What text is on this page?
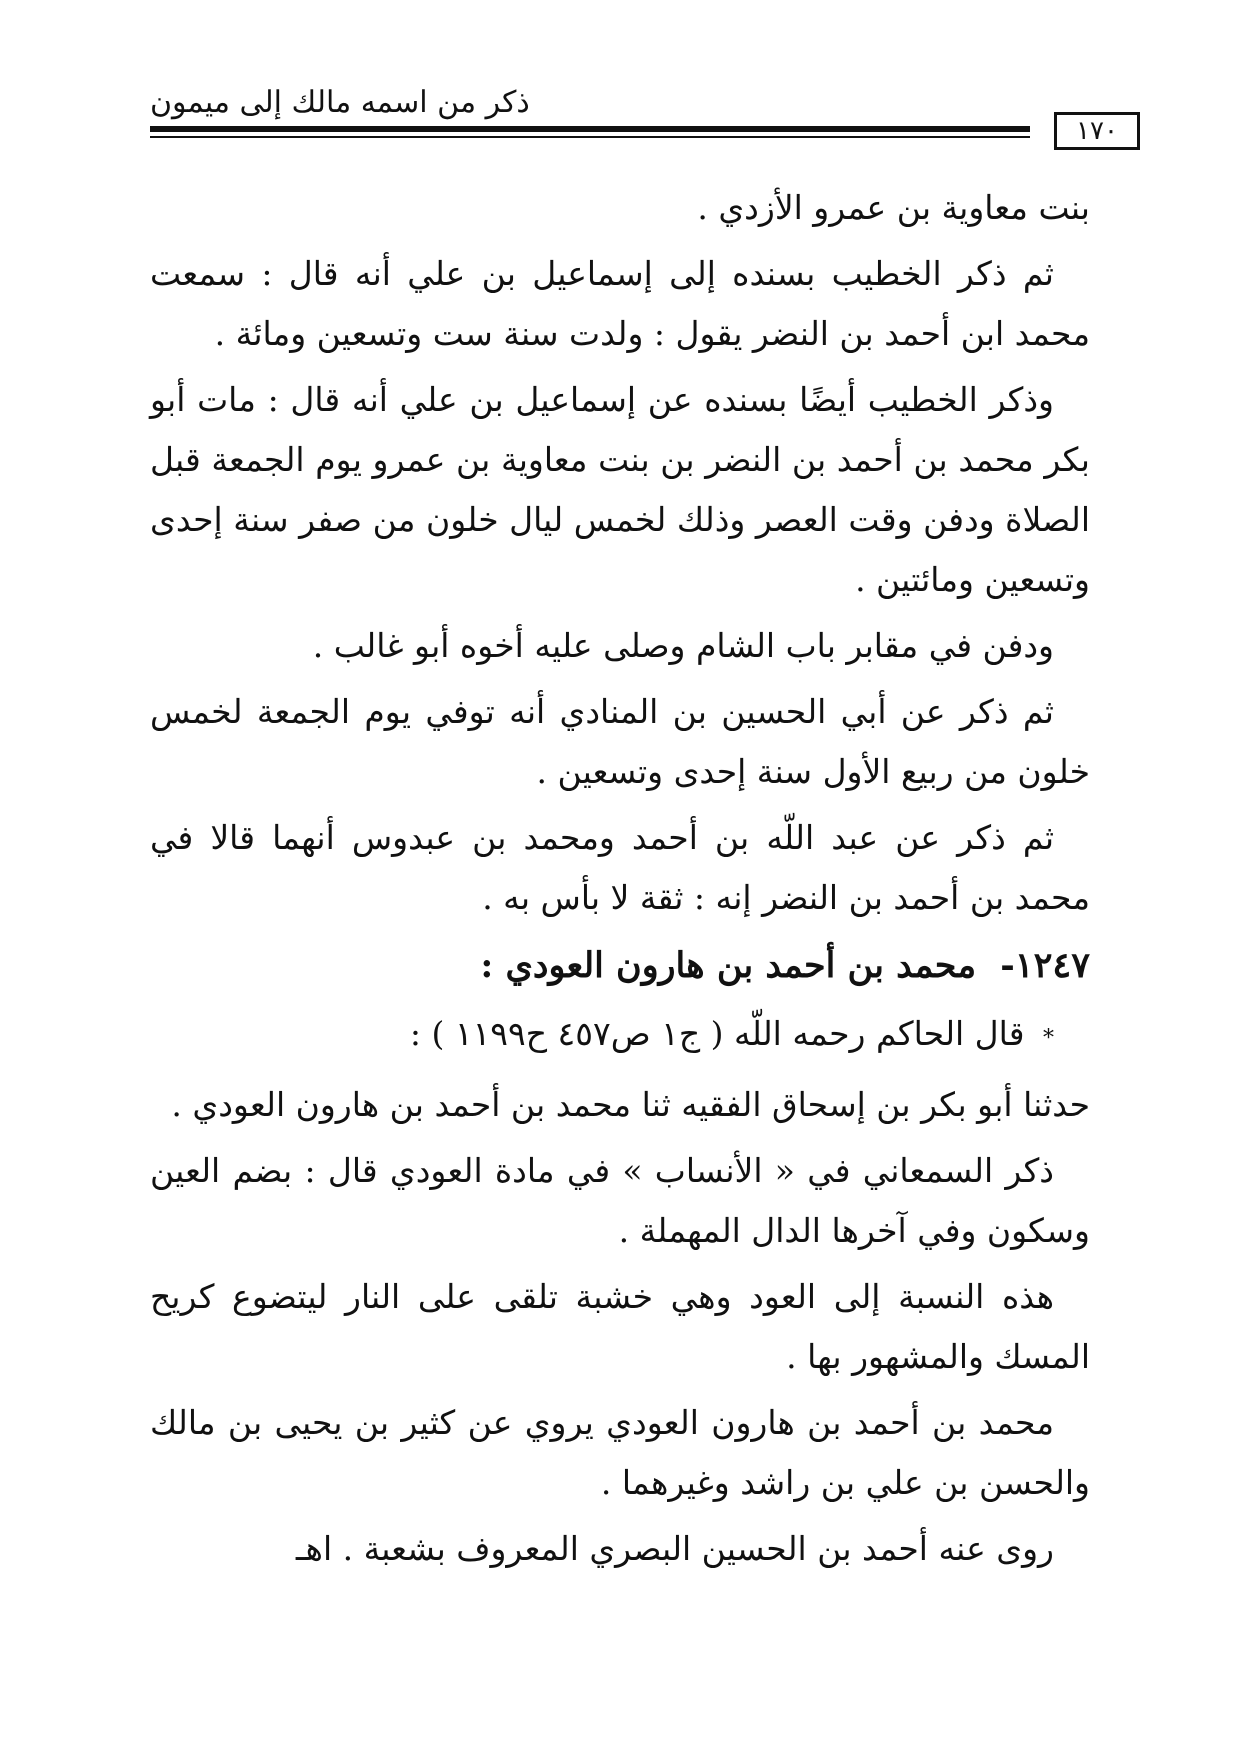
ذكر من اسمه مالك إلى ميمون
١٧٠

بنت معاوية بن عمرو الأزدي .

ثم ذكر الخطيب بسنده إلى إسماعيل بن علي أنه قال : سمعت محمد ابن أحمد بن النضر يقول : ولدت سنة ست وتسعين ومائة .

وذكر الخطيب أيضًا بسنده عن إسماعيل بن علي أنه قال : مات أبو بكر محمد بن أحمد بن النضر بن بنت معاوية بن عمرو يوم الجمعة قبل الصلاة ودفن وقت العصر وذلك لخمس ليال خلون من صفر سنة إحدى وتسعين ومائتين .

ودفن في مقابر باب الشام وصلى عليه أخوه أبو غالب .

ثم ذكر عن أبي الحسين بن المنادي أنه توفي يوم الجمعة لخمس خلون من ربيع الأول سنة إحدى وتسعين .

ثم ذكر عن عبد اللّه بن أحمد ومحمد بن عبدوس أنهما قالا في محمد بن أحمد بن النضر إنه : ثقة لا بأس به .

١٢٤٧- محمد بن أحمد بن هارون العودي :

* قال الحاكم رحمه اللّه ( ج١ ص٤٥٧ ح١١٩٩ ) :

حدثنا أبو بكر بن إسحاق الفقيه ثنا محمد بن أحمد بن هارون العودي .

ذكر السمعاني في « الأنساب » في مادة العودي قال : بضم العين وسكون وفي آخرها الدال المهملة .

هذه النسبة إلى العود وهي خشبة تلقى على النار ليتضوع كريح المسك والمشهور بها .

محمد بن أحمد بن هارون العودي يروي عن كثير بن يحيى بن مالك والحسن بن علي بن راشد وغيرهما .

روى عنه أحمد بن الحسين البصري المعروف بشعبة . اهـ
